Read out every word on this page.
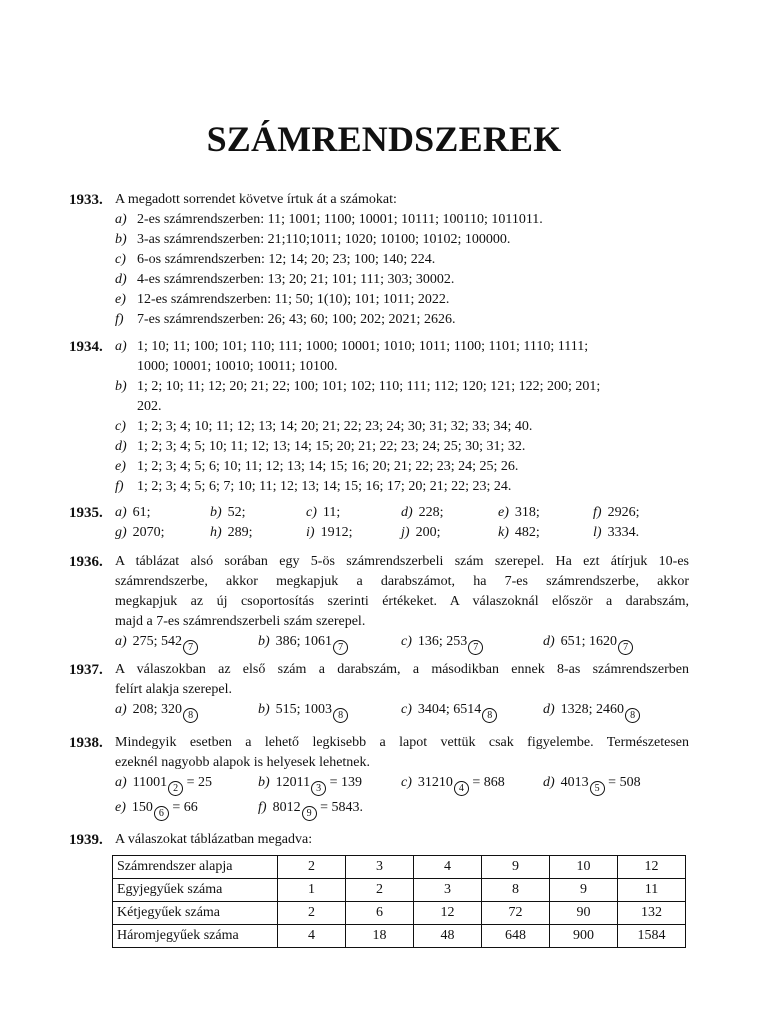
SZÁMRENDSZEREK
1933. A megadott sorrendet követve írtuk át a számokat:
a) 2-es számrendszerben: 11; 1001; 1100; 10001; 10111; 100110; 1011011.
b) 3-as számrendszerben: 21;110;1011; 1020; 10100; 10102; 100000.
c) 6-os számrendszerben: 12; 14; 20; 23; 100; 140; 224.
d) 4-es számrendszerben: 13; 20; 21; 101; 111; 303; 30002.
e) 12-es számrendszerben: 11; 50; 1(10); 101; 1011; 2022.
f) 7-es számrendszerben: 26; 43; 60; 100; 202; 2021; 2626.
1934. a) 1; 10; 11; 100; 101; 110; 111; 1000; 10001; 1010; 1011; 1100; 1101; 1110; 1111;
1000; 10001; 10010; 10011; 10100.
b) 1; 2; 10; 11; 12; 20; 21; 22; 100; 101; 102; 110; 111; 112; 120; 121; 122; 200; 201;
202.
c) 1; 2; 3; 4; 10; 11; 12; 13; 14; 20; 21; 22; 23; 24; 30; 31; 32; 33; 34; 40.
d) 1; 2; 3; 4; 5; 10; 11; 12; 13; 14; 15; 20; 21; 22; 23; 24; 25; 30; 31; 32.
e) 1; 2; 3; 4; 5; 6; 10; 11; 12; 13; 14; 15; 16; 20; 21; 22; 23; 24; 25; 26.
f) 1; 2; 3; 4; 5; 6; 7; 10; 11; 12; 13; 14; 15; 16; 17; 20; 21; 22; 23; 24.
1935. a) 61;	b) 52;	c) 11;	d) 228;	e) 318;	f) 2926;
g) 2070;	h) 289;	i) 1912;	j) 200;	k) 482;	l) 3334.
1936. A táblázat alsó sorában egy 5-ös számrendszerbeli szám szerepel. Ha ezt átírjuk 10-es
számrendszerbe, akkor megkapjuk a darabszámot, ha 7-es számrendszerbe, akkor
megkapjuk az új csoportosítás szerinti értékeket. A válaszoknál először a darabszám,
majd a 7-es számrendszerbeli szám szerepel.
a) 275; 542 7	b) 386; 1061 7	c) 136; 253 7	d) 651; 1620 7
1937. A válaszokban az első szám a darabszám, a másodikban ennek 8-as számrendszerben
felírt alakja szerepel.
a) 208; 320 8	b) 515; 1003 8	c) 3404; 6514 8	d) 1328; 2460 8
1938. Mindegyik esetben a lehető legkisebb a lapot vettük csak figyelembe. Természetesen
ezeknél nagyobb alapok is helyesek lehetnek.
a) 11001 2 = 25	b) 12011 3 = 139	c) 31210 4 = 868	d) 4013 5 = 508
e) 150 6 = 66	f) 8012 9 = 5843.
1939. A válaszokat táblázatban megadva:
Számrendszer alapja	2	3	4	9	10	12
Egyjegyűek száma	1	2	3	8	9	11
Kétjegyűek száma	2	6	12	72	90	132
Háromjegyűek száma	4	18	48	648	900	1584
